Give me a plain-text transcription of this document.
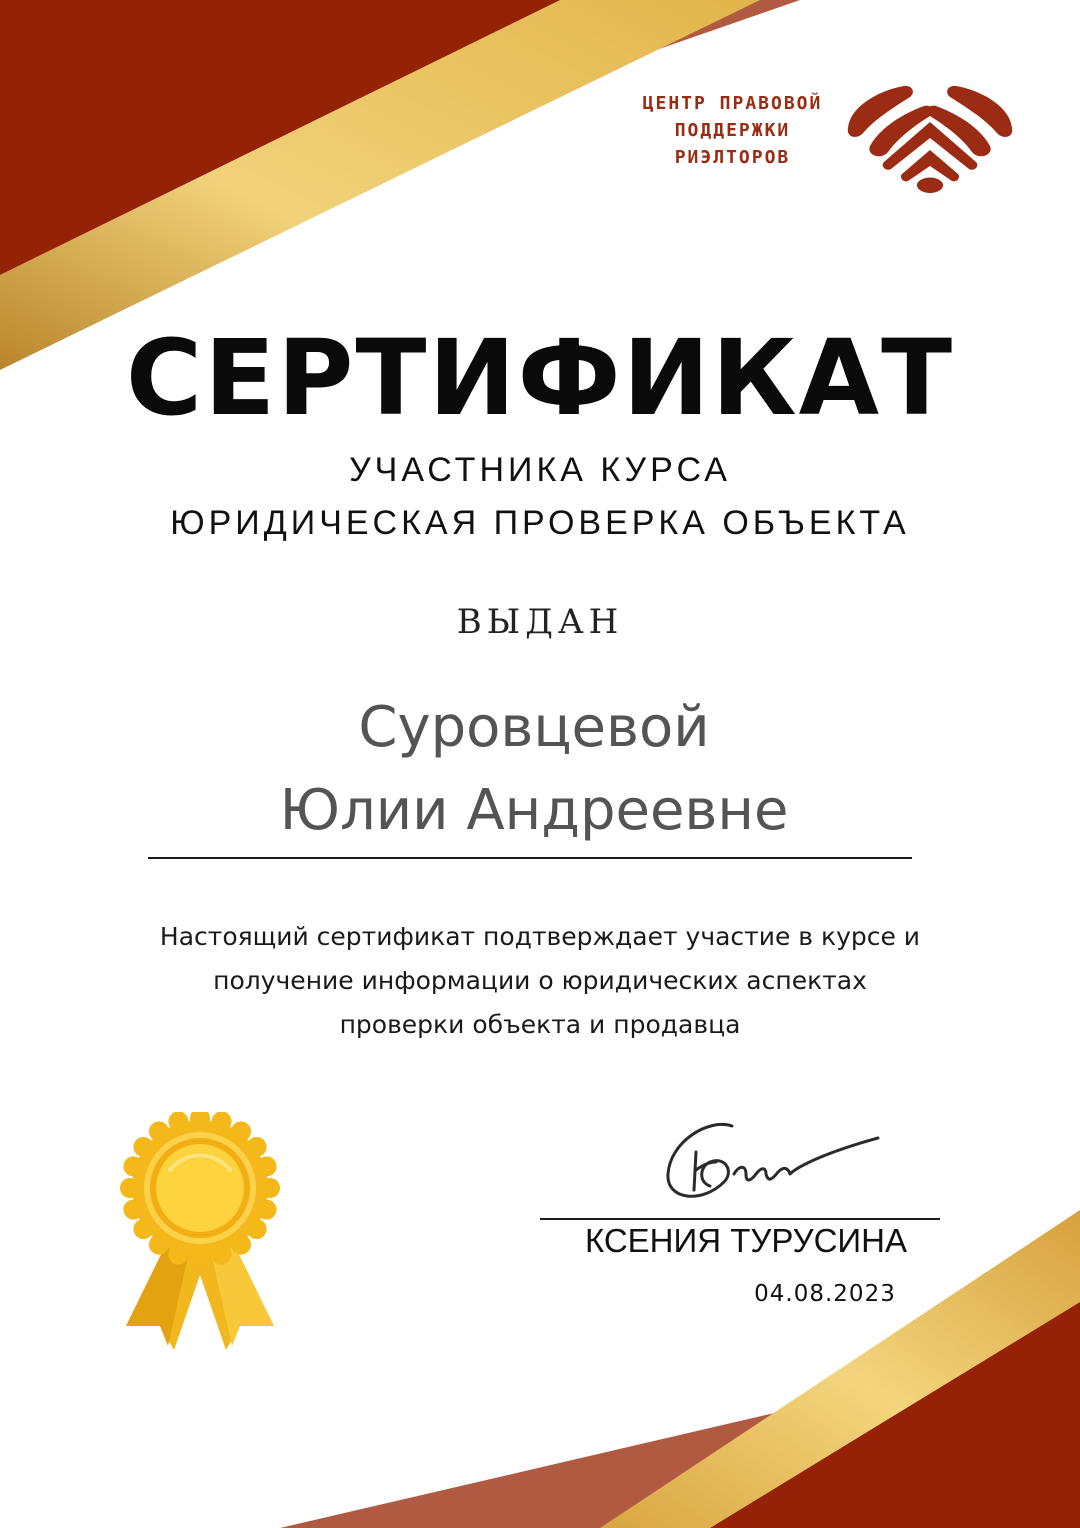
ЦЕНТР ПРАВОВОЙ
ПОДДЕРЖКИ
РИЭЛТОРОВ
СЕРТИФИКАТ
УЧАСТНИКА КУРСА
ЮРИДИЧЕСКАЯ ПРОВЕРКА ОБЪЕКТА
ВЫДАН
Суровцевой
Юлии Андреевне
Настоящий сертификат подтверждает участие в курсе и
получение информации о юридических аспектах
проверки объекта и продавца
КСЕНИЯ ТУРУСИНА
04.08.2023
